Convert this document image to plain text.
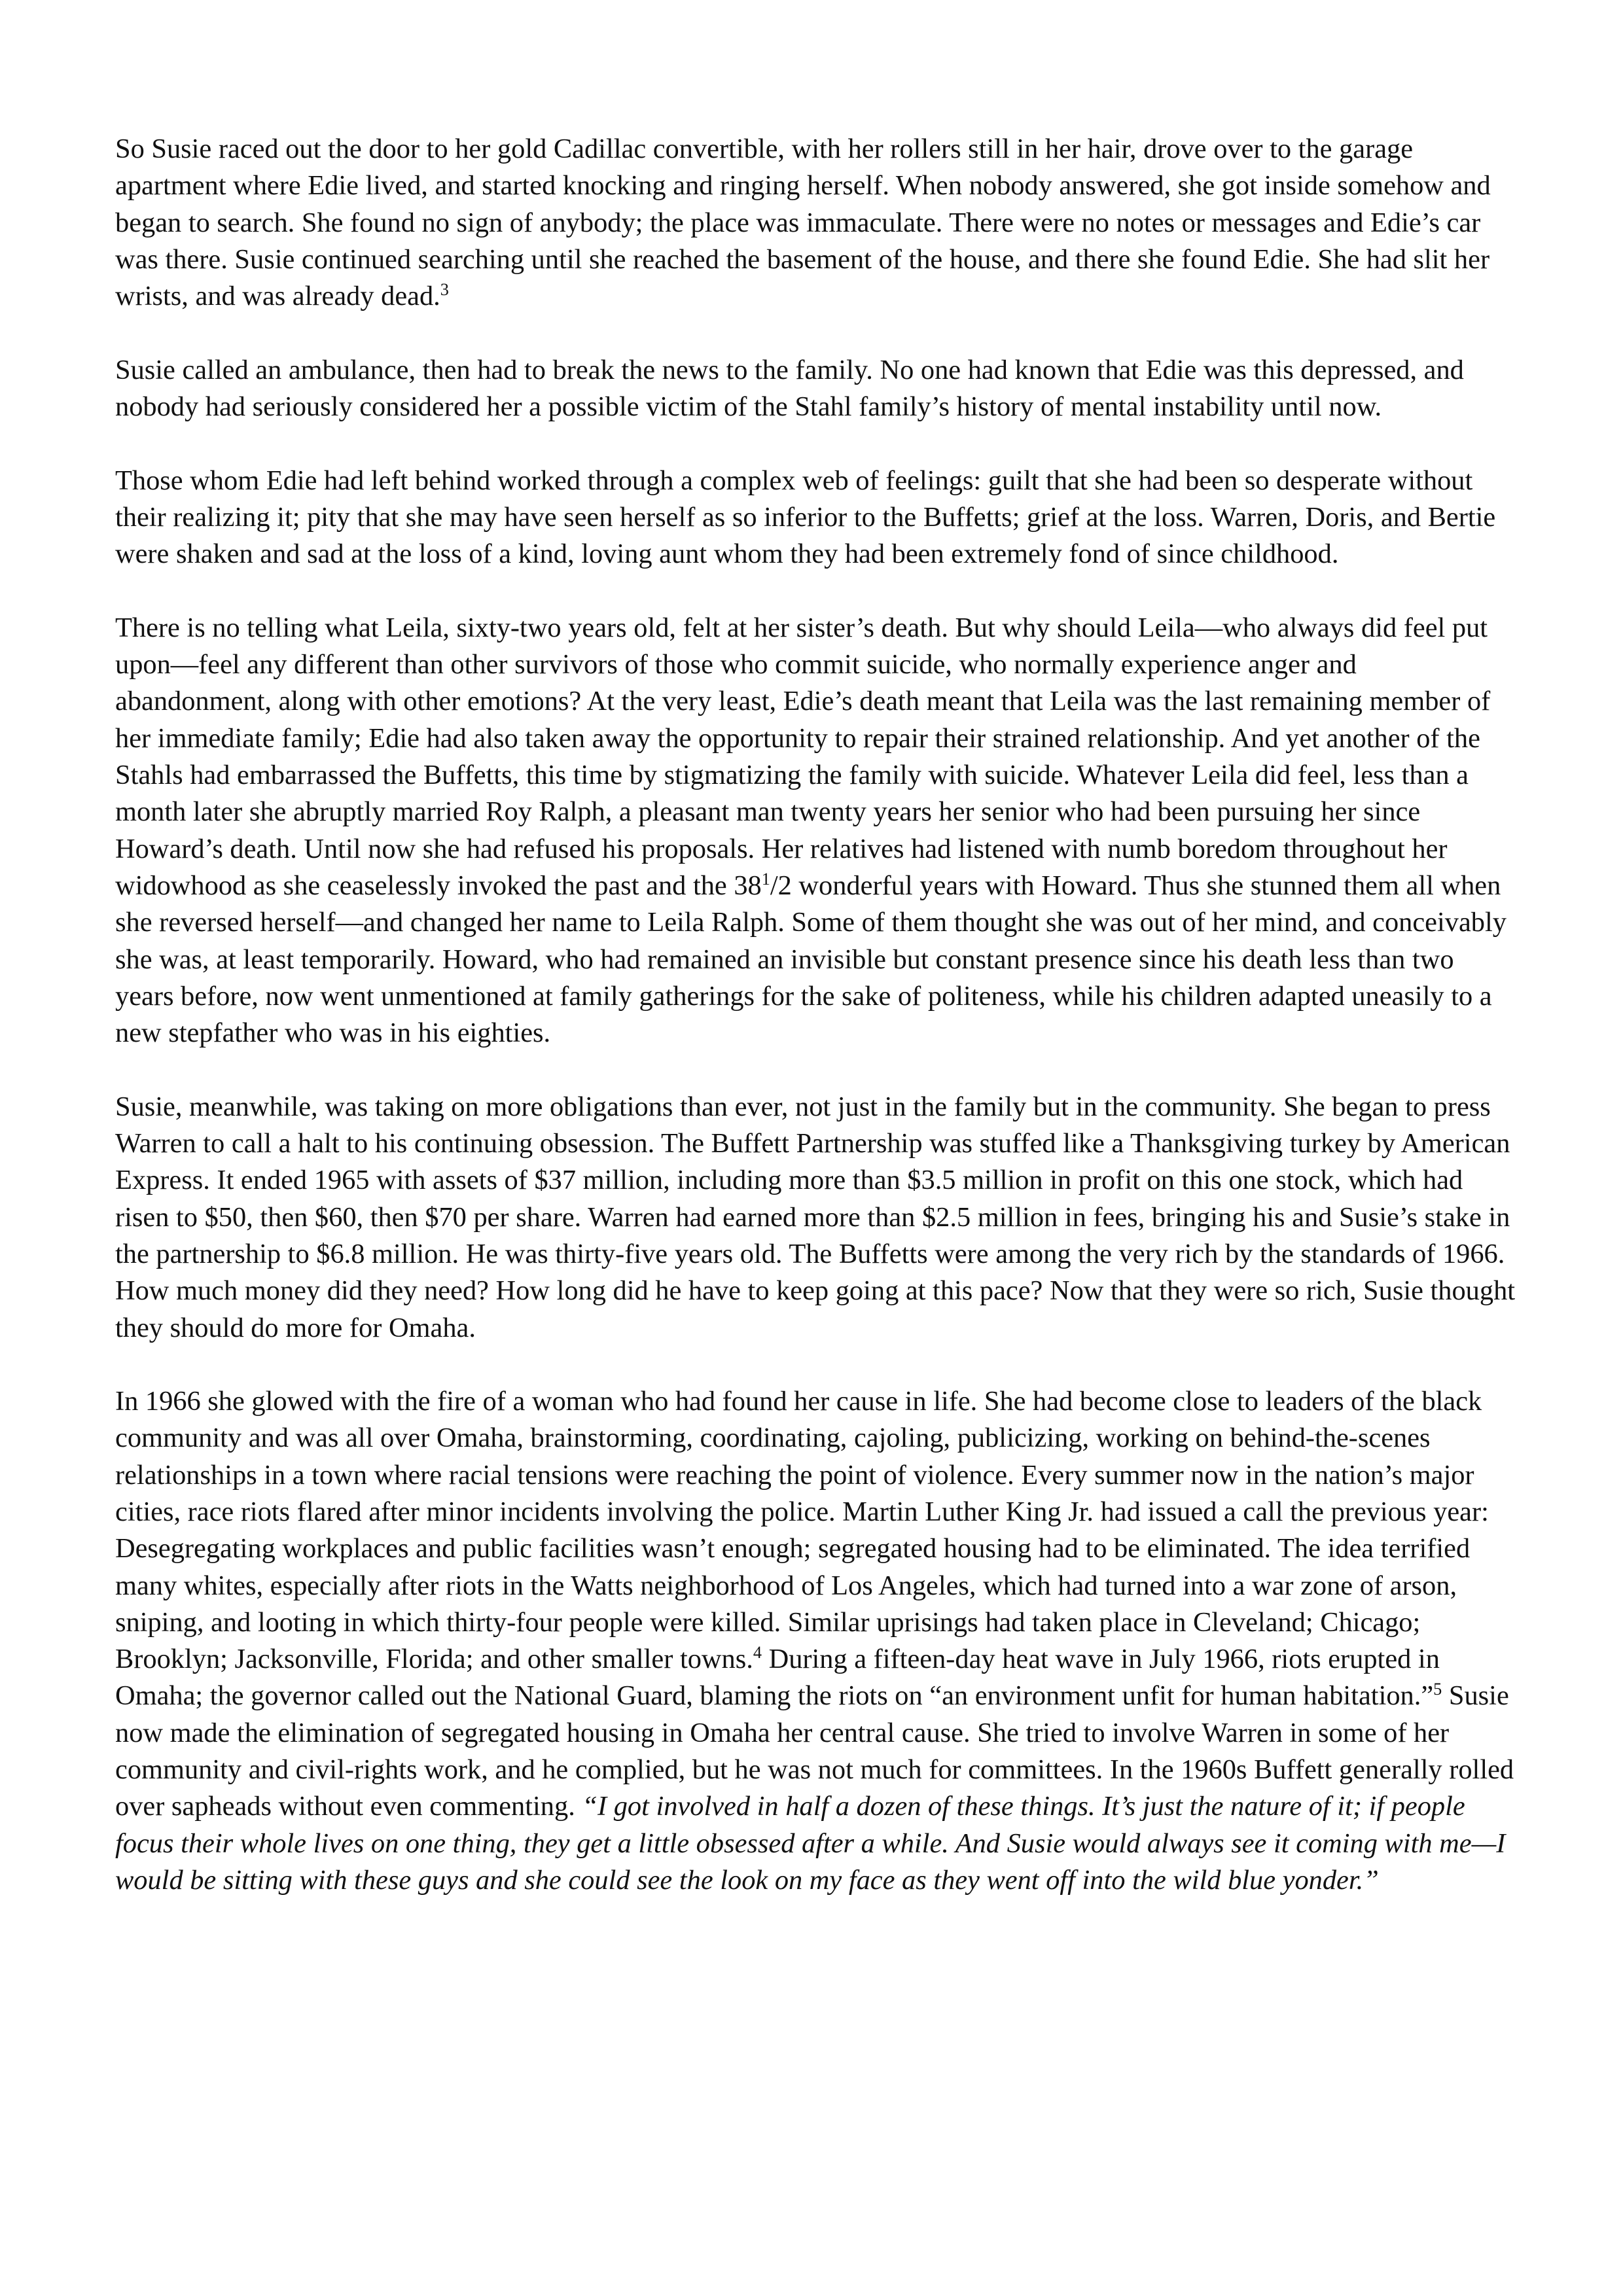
So Susie raced out the door to her gold Cadillac convertible, with her rollers still in her hair, drove over to the garage apartment where Edie lived, and started knocking and ringing herself. When nobody answered, she got inside somehow and began to search. She found no sign of anybody; the place was immaculate. There were no notes or messages and Edie’s car was there. Susie continued searching until she reached the basement of the house, and there she found Edie. She had slit her wrists, and was already dead.$^3$

Susie called an ambulance, then had to break the news to the family. No one had known that Edie was this depressed, and nobody had seriously considered her a possible victim of the Stahl family’s history of mental instability until now.

Those whom Edie had left behind worked through a complex web of feelings: guilt that she had been so desperate without their realizing it; pity that she may have seen herself as so inferior to the Buffetts; grief at the loss. Warren, Doris, and Bertie were shaken and sad at the loss of a kind, loving aunt whom they had been extremely fond of since childhood.

There is no telling what Leila, sixty-two years old, felt at her sister’s death. But why should Leila—who always did feel put upon—feel any different than other survivors of those who commit suicide, who normally experience anger and abandonment, along with other emotions? At the very least, Edie’s death meant that Leila was the last remaining member of her immediate family; Edie had also taken away the opportunity to repair their strained relationship. And yet another of the Stahls had embarrassed the Buffetts, this time by stigmatizing the family with suicide. Whatever Leila did feel, less than a month later she abruptly married Roy Ralph, a pleasant man twenty years her senior who had been pursuing her since Howard’s death. Until now she had refused his proposals. Her relatives had listened with numb boredom throughout her widowhood as she ceaselessly invoked the past and the $38^1/2$ wonderful years with Howard. Thus she stunned them all when she reversed herself—and changed her name to Leila Ralph. Some of them thought she was out of her mind, and conceivably she was, at least temporarily. Howard, who had remained an invisible but constant presence since his death less than two years before, now went unmentioned at family gatherings for the sake of politeness, while his children adapted uneasily to a new stepfather who was in his eighties.

Susie, meanwhile, was taking on more obligations than ever, not just in the family but in the community. She began to press Warren to call a halt to his continuing obsession. The Buffett Partnership was stuffed like a Thanksgiving turkey by American Express. It ended 1965 with assets of $37 million, including more than $3.5 million in profit on this one stock, which had risen to $50, then $60, then $70 per share. Warren had earned more than $2.5 million in fees, bringing his and Susie’s stake in the partnership to $6.8 million. He was thirty-five years old. The Buffetts were among the very rich by the standards of 1966. How much money did they need? How long did he have to keep going at this pace? Now that they were so rich, Susie thought they should do more for Omaha.

In 1966 she glowed with the fire of a woman who had found her cause in life. She had become close to leaders of the black community and was all over Omaha, brainstorming, coordinating, cajoling, publicizing, working on behind-the-scenes relationships in a town where racial tensions were reaching the point of violence. Every summer now in the nation’s major cities, race riots flared after minor incidents involving the police. Martin Luther King Jr. had issued a call the previous year: Desegregating workplaces and public facilities wasn’t enough; segregated housing had to be eliminated. The idea terrified many whites, especially after riots in the Watts neighborhood of Los Angeles, which had turned into a war zone of arson, sniping, and looting in which thirty-four people were killed. Similar uprisings had taken place in Cleveland; Chicago; Brooklyn; Jacksonville, Florida; and other smaller towns.$^4$ During a fifteen-day heat wave in July 1966, riots erupted in Omaha; the governor called out the National Guard, blaming the riots on “an environment unfit for human habitation.”$^5$ Susie now made the elimination of segregated housing in Omaha her central cause. She tried to involve Warren in some of her community and civil-rights work, and he complied, but he was not much for committees. In the 1960s Buffett generally rolled over sapheads without even commenting. “I got involved in half a dozen of these things. It’s just the nature of it; if people focus their whole lives on one thing, they get a little obsessed after a while. And Susie would always see it coming with me—I would be sitting with these guys and she could see the look on my face as they went off into the wild blue yonder.”
